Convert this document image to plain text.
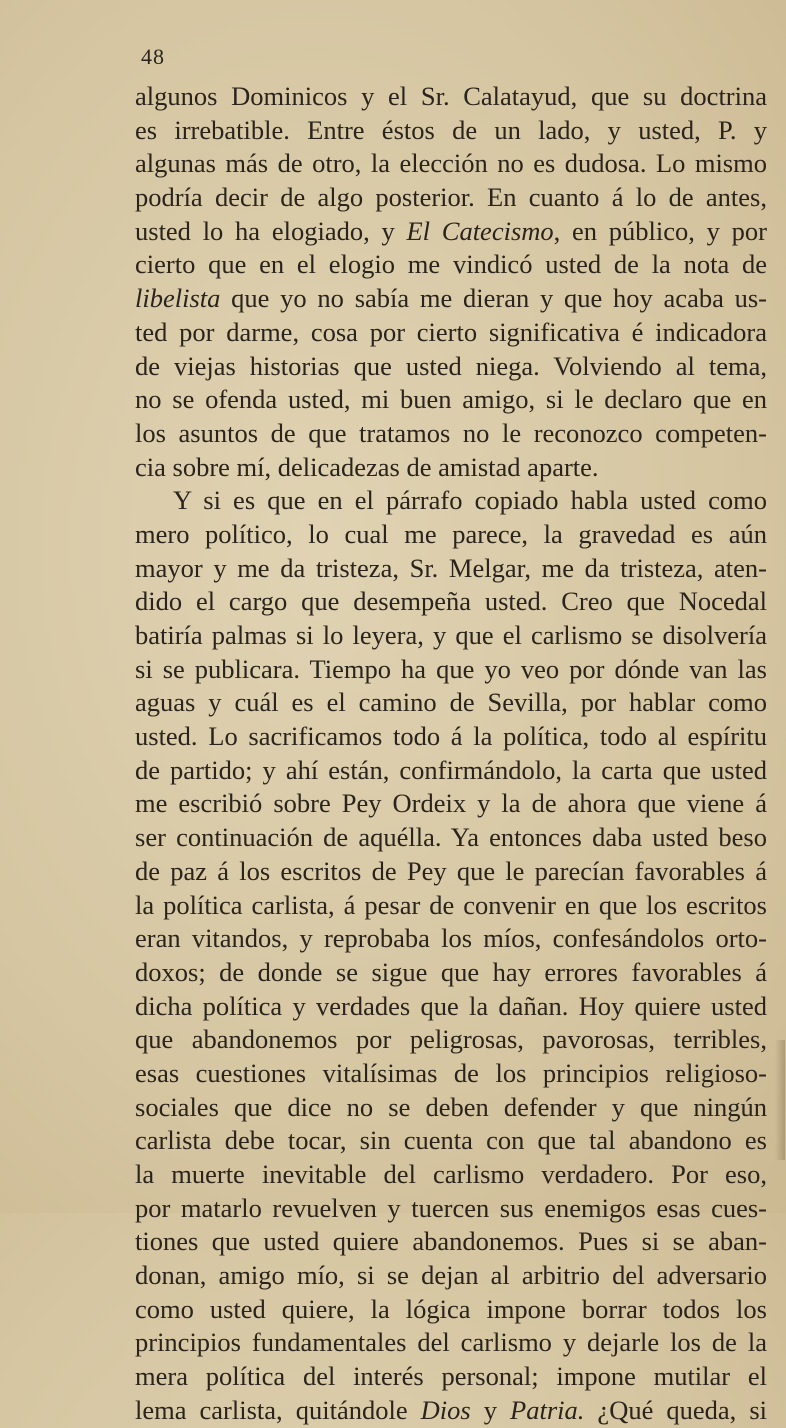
48
algunos Dominicos y el Sr. Calatayud, que su doctrina
es irrebatible. Entre éstos de un lado, y usted, P. y
algunas más de otro, la elección no es dudosa. Lo mismo
podría decir de algo posterior. En cuanto á lo de antes,
usted lo ha elogiado, y El Catecismo, en público, y por
cierto que en el elogio me vindicó usted de la nota de
libelista que yo no sabía me dieran y que hoy acaba us-
ted por darme, cosa por cierto significativa é indicadora
de viejas historias que usted niega. Volviendo al tema,
no se ofenda usted, mi buen amigo, si le declaro que en
los asuntos de que tratamos no le reconozco competen-
cia sobre mí, delicadezas de amistad aparte.
Y si es que en el párrafo copiado habla usted como
mero político, lo cual me parece, la gravedad es aún
mayor y me da tristeza, Sr. Melgar, me da tristeza, aten-
dido el cargo que desempeña usted. Creo que Nocedal
batiría palmas si lo leyera, y que el carlismo se disolvería
si se publicara. Tiempo ha que yo veo por dónde van las
aguas y cuál es el camino de Sevilla, por hablar como
usted. Lo sacrificamos todo á la política, todo al espíritu
de partido; y ahí están, confirmándolo, la carta que usted
me escribió sobre Pey Ordeix y la de ahora que viene á
ser continuación de aquélla. Ya entonces daba usted beso
de paz á los escritos de Pey que le parecían favorables á
la política carlista, á pesar de convenir en que los escritos
eran vitandos, y reprobaba los míos, confesándolos orto-
doxos; de donde se sigue que hay errores favorables á
dicha política y verdades que la dañan. Hoy quiere usted
que abandonemos por peligrosas, pavorosas, terribles,
esas cuestiones vitalísimas de los principios religioso-
sociales que dice no se deben defender y que ningún
carlista debe tocar, sin cuenta con que tal abandono es
la muerte inevitable del carlismo verdadero. Por eso,
por matarlo revuelven y tuercen sus enemigos esas cues-
tiones que usted quiere abandonemos. Pues si se aban-
donan, amigo mío, si se dejan al arbitrio del adversario
como usted quiere, la lógica impone borrar todos los
principios fundamentales del carlismo y dejarle los de la
mera política del interés personal; impone mutilar el
lema carlista, quitándole Dios y Patria. ¿Qué queda, si
